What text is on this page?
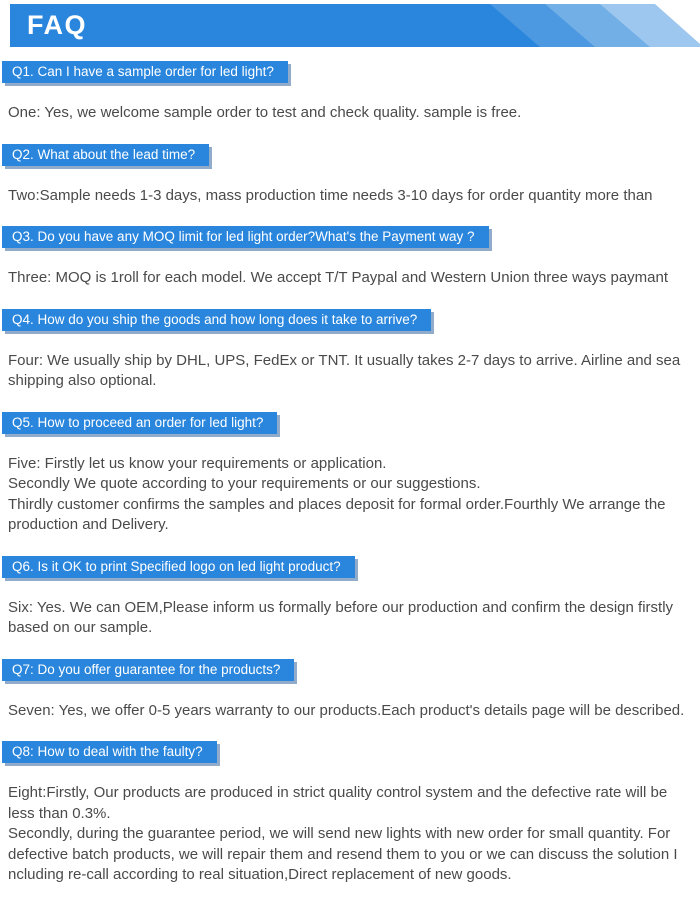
FAQ
Q1. Can I have a sample order for led light?
One: Yes, we welcome sample order to test and check quality. sample is free.
Q2. What about the lead time?
Two:Sample needs 1-3 days, mass production time needs 3-10 days for order quantity more than
Q3. Do you have any MOQ limit for led light order?What's the Payment way ?
Three: MOQ is 1roll for each model. We accept T/T Paypal and Western Union three ways paymant
Q4. How do you ship the goods and how long does it take to arrive?
Four: We usually ship by DHL, UPS, FedEx or TNT. It usually takes 2-7 days to arrive. Airline and sea
shipping also optional.
Q5. How to proceed an order for led light?
Five: Firstly let us know your requirements or application.
Secondly We quote according to your requirements or our suggestions.
Thirdly customer confirms the samples and places deposit for formal order.Fourthly We arrange the
production and Delivery.
Q6. Is it OK to print Specified logo on led light product?
Six: Yes. We can OEM,Please inform us formally before our production and confirm the design firstly
based on our sample.
Q7: Do you offer guarantee for the products?
Seven: Yes, we offer 0-5 years warranty to our products.Each product's details page will be described.
Q8: How to deal with the faulty?
Eight:Firstly, Our products are produced in strict quality control system and the defective rate will be
less than 0.3%.
Secondly, during the guarantee period, we will send new lights with new order for small quantity. For
defective batch products, we will repair them and resend them to you or we can discuss the solution I
ncluding re-call according to real situation,Direct replacement of new goods.
